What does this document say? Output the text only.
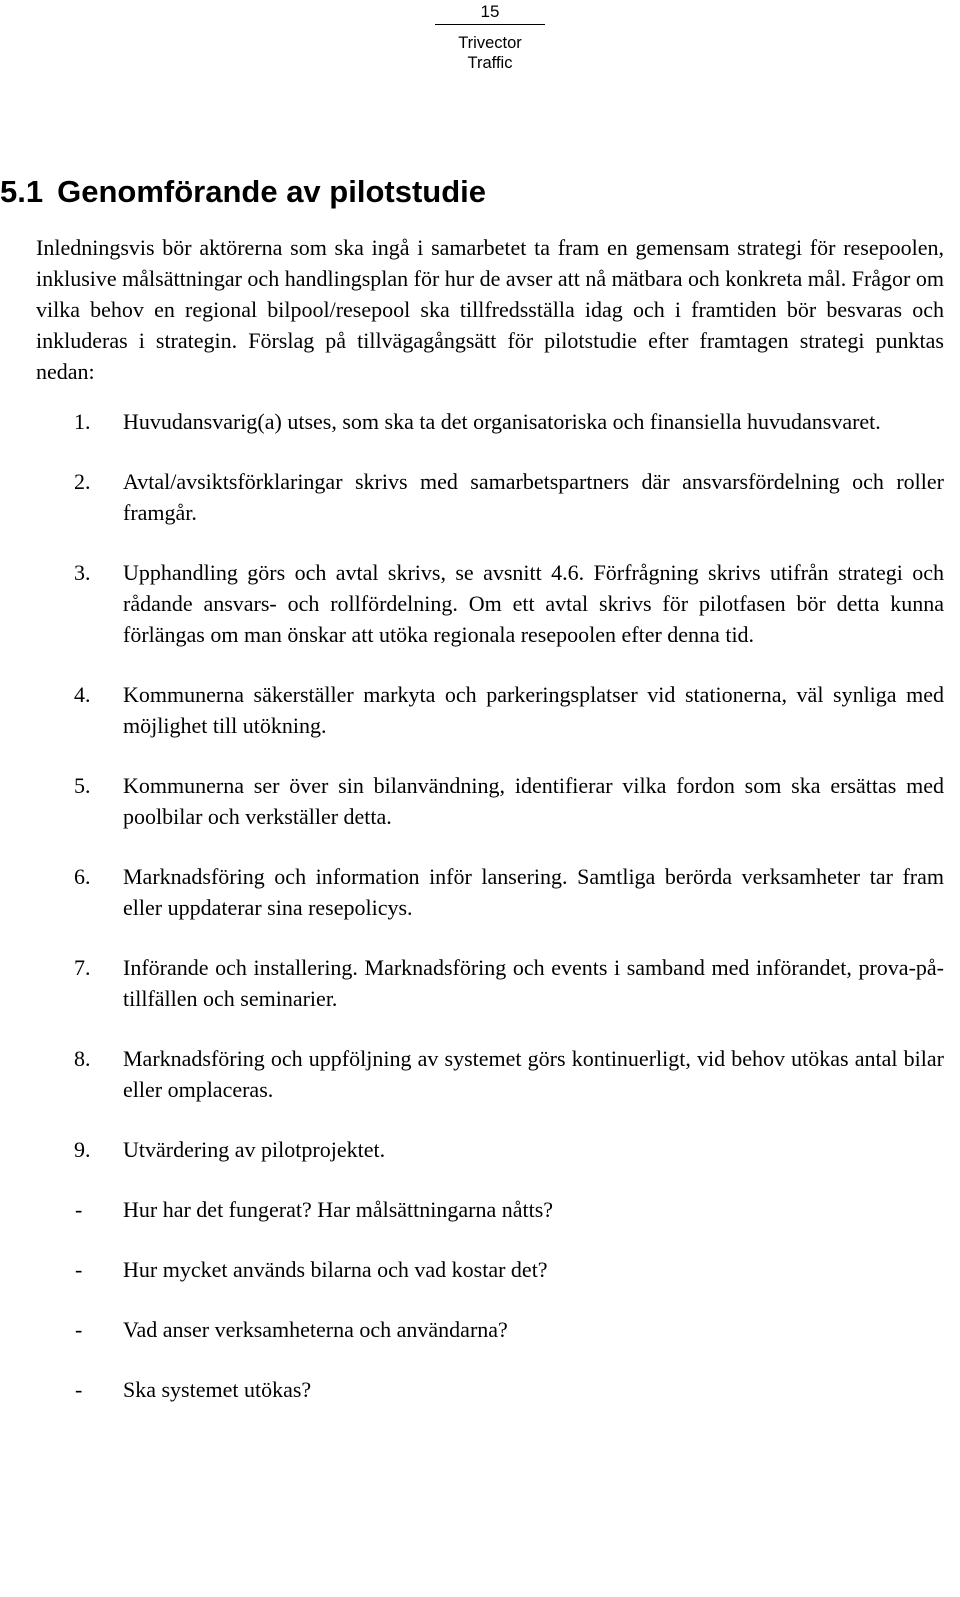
15
Trivector Traffic
5.1 Genomförande av pilotstudie

Inledningsvis bör aktörerna som ska ingå i samarbetet ta fram en gemensam strategi för resepoolen, inklusive målsättningar och handlingsplan för hur de avser att nå mätbara och konkreta mål. Frågor om vilka behov en regional bilpool/resepool ska tillfredsställa idag och i framtiden bör besvaras och inkluderas i strategin. Förslag på tillvägagångsätt för pilotstudie efter framtagen strategi punktas nedan:

1.	Huvudansvarig(a) utses, som ska ta det organisatoriska och finansiella huvudansvaret.
2.	Avtal/avsiktsförklaringar skrivs med samarbetspartners där ansvarsfördelning och roller framgår.
3.	Upphandling görs och avtal skrivs, se avsnitt 4.6. Förfrågning skrivs utifrån strategi och rådande ansvars- och rollfördelning. Om ett avtal skrivs för pilotfasen bör detta kunna förlängas om man önskar att utöka regionala resepoolen efter denna tid.
4.	Kommunerna säkerställer markyta och parkeringsplatser vid stationerna, väl synliga med möjlighet till utökning.
5.	Kommunerna ser över sin bilanvändning, identifierar vilka fordon som ska ersättas med poolbilar och verkställer detta.
6.	Marknadsföring och information inför lansering. Samtliga berörda verksamheter tar fram eller uppdaterar sina resepolicys.
7.	Införande och installering. Marknadsföring och events i samband med införandet, prova-på-tillfällen och seminarier.
8.	Marknadsföring och uppföljning av systemet görs kontinuerligt, vid behov utökas antal bilar eller omplaceras.
9.	Utvärdering av pilotprojektet.
-	Hur har det fungerat? Har målsättningarna nåtts?
-	Hur mycket används bilarna och vad kostar det?
-	Vad anser verksamheterna och användarna?
-	Ska systemet utökas?
